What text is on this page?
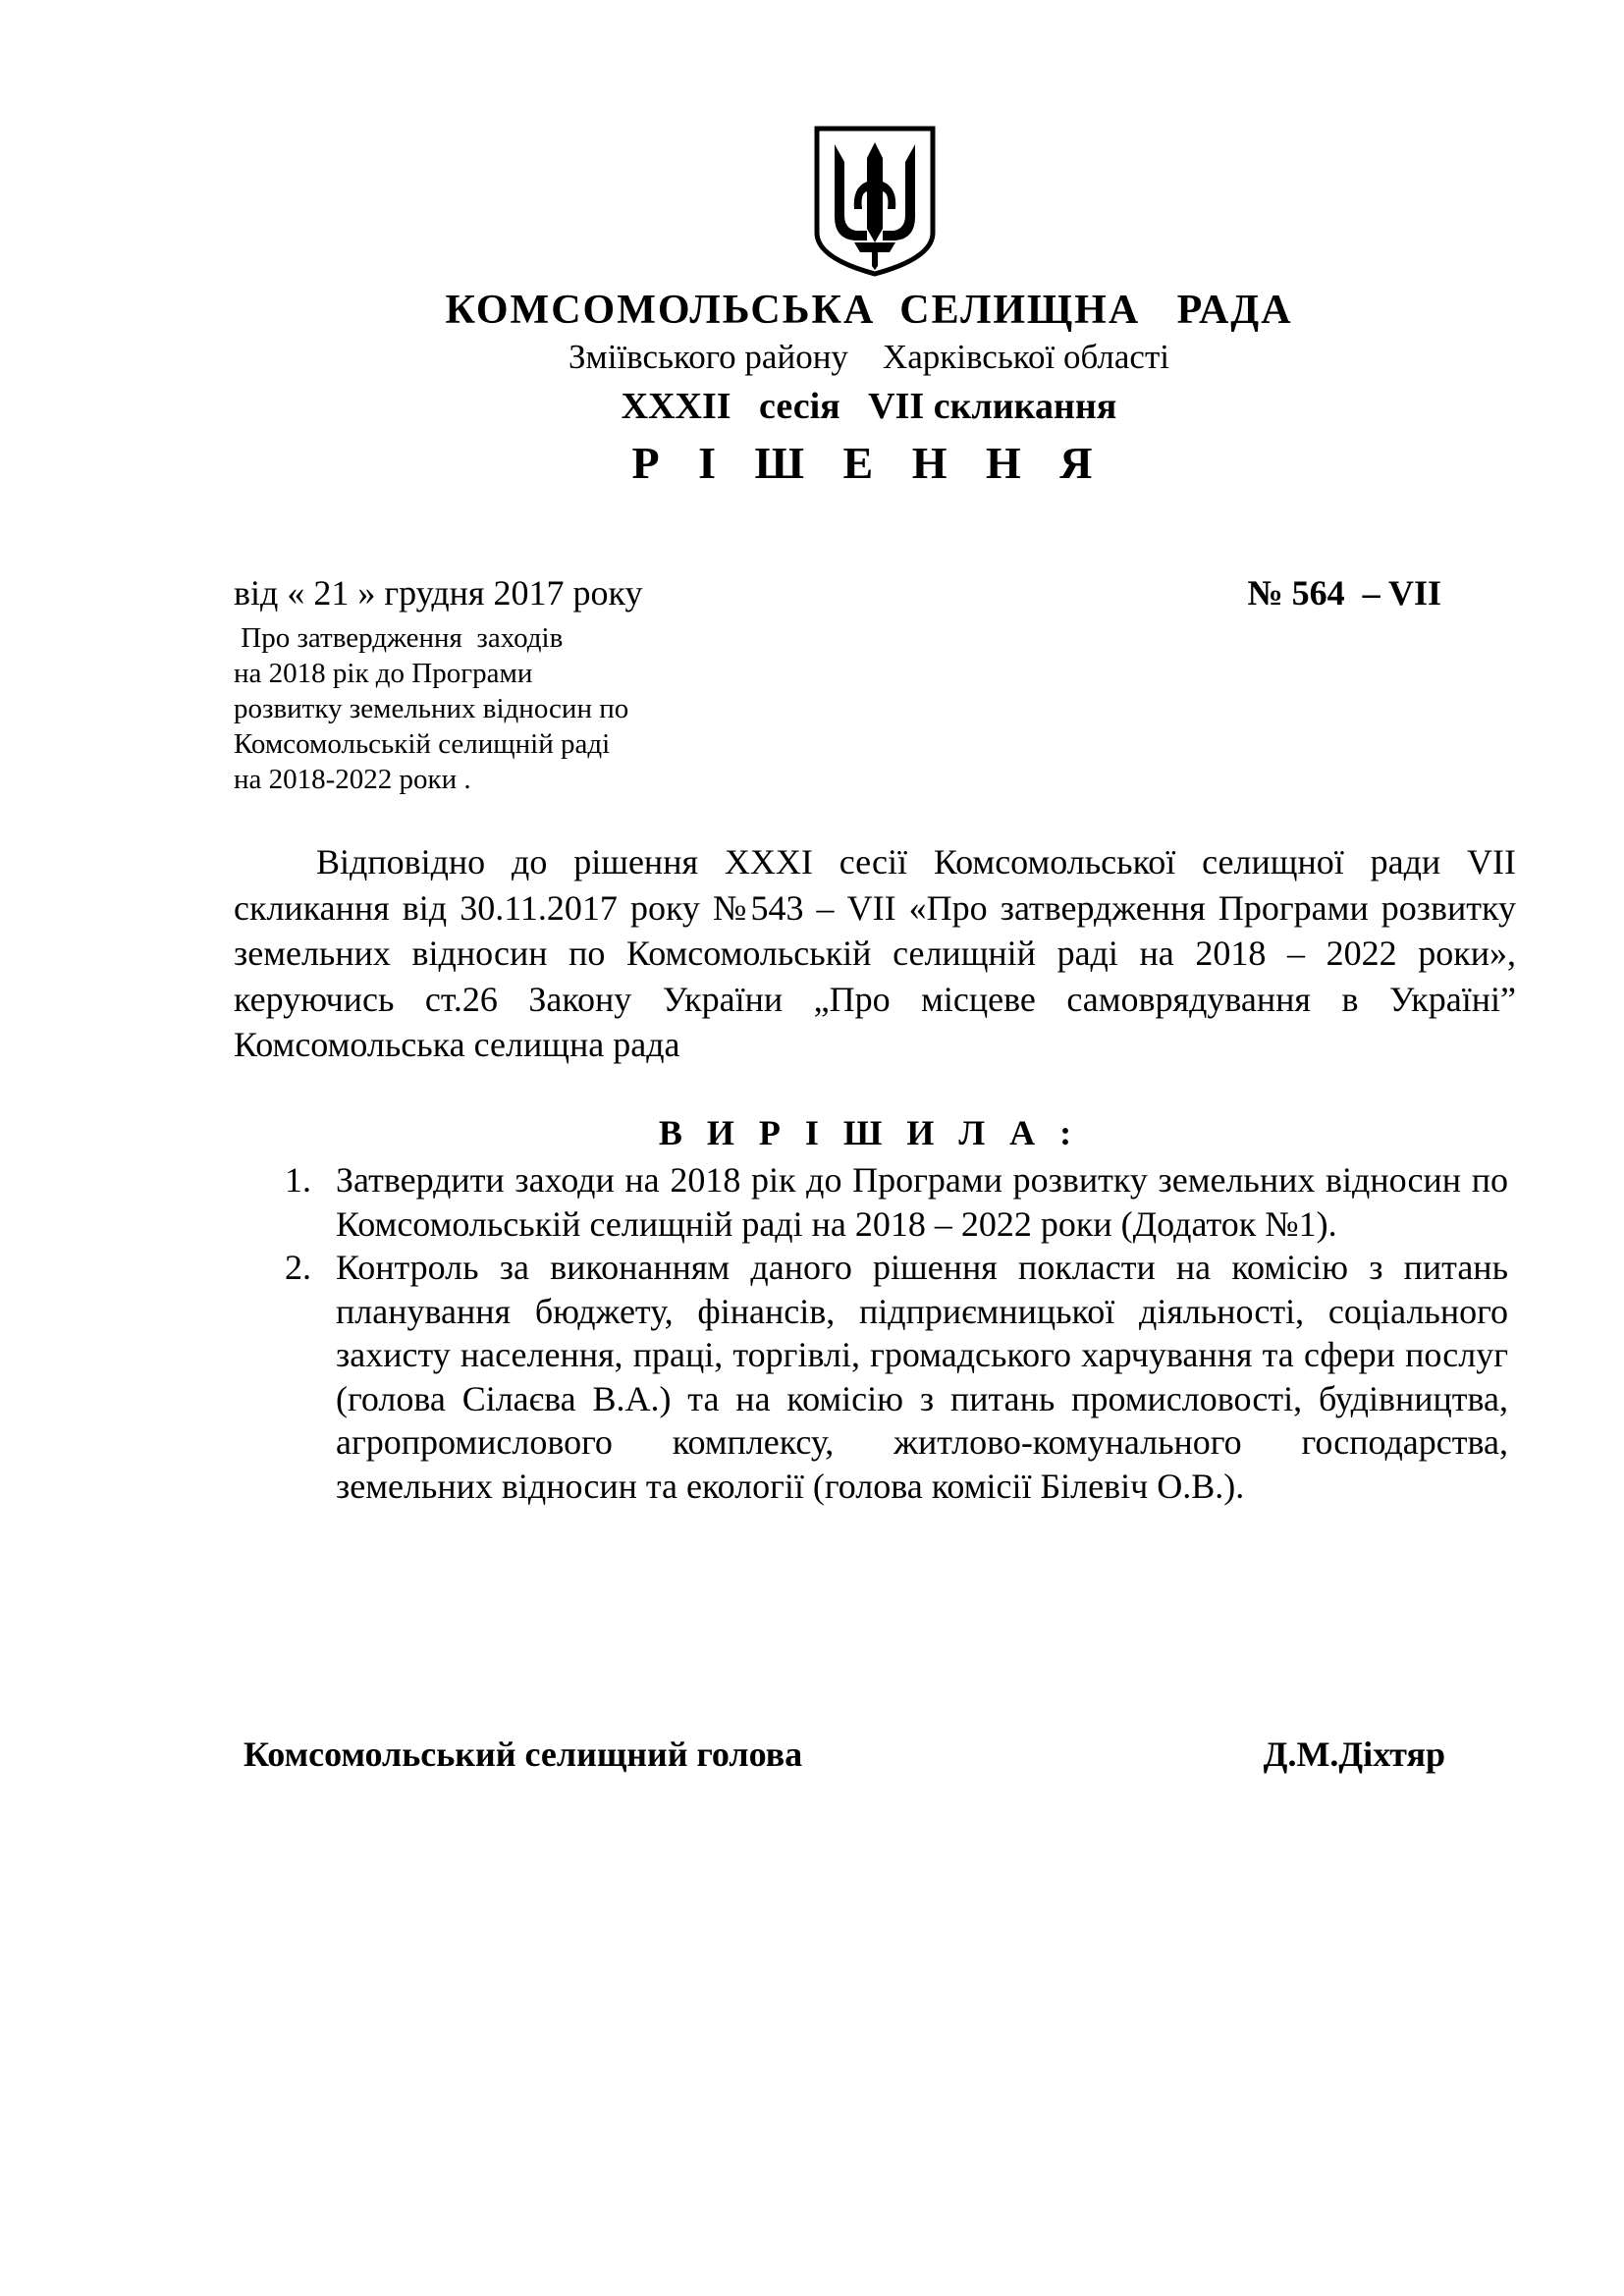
КОМСОМОЛЬСЬКА  СЕЛИЩНА   РАДА
Зміївського району    Харківської області
ХХХІІ   сесія   VІІ скликання
Р І Ш Е Н Н Я
від « 21 » грудня 2017 року	№ 564  – VІІ
Про затвердження  заходів
на 2018 рік до Програми
розвитку земельних відносин по
Комсомольській селищній раді
на 2018-2022 роки .
Відповідно до рішення ХХХІ сесії Комсомольської селищної ради VІІ скликання від 30.11.2017 року №543 – VІІ «Про затвердження Програми розвитку земельних відносин по Комсомольській селищній раді на 2018 – 2022 роки», керуючись ст.26 Закону України „Про місцеве самоврядування в Україні” Комсомольська селищна рада
В И Р І Ш И Л А :
1. Затвердити заходи на 2018 рік до Програми розвитку земельних відносин по Комсомольській селищній раді на 2018 – 2022 роки (Додаток №1).
2. Контроль за виконанням даного рішення покласти на комісію з питань планування бюджету, фінансів, підприємницької діяльності, соціального захисту населення, праці, торгівлі, громадського харчування та сфери послуг (голова Сілаєва В.А.) та на комісію з питань промисловості, будівництва, агропромислового комплексу, житлово-комунального господарства, земельних відносин та екології (голова комісії Білевіч О.В.).
Комсомольський селищний голова	Д.М.Діхтяр
